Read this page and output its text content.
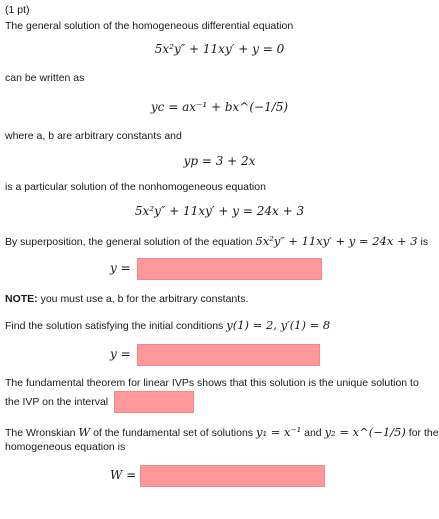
(1 pt)
The general solution of the homogeneous differential equation
5x²y″ + 11xy′ + y = 0
can be written as
yc = ax⁻¹ + bx^(−1/5)
where a, b are arbitrary constants and
yp = 3 + 2x
is a particular solution of the nonhomogeneous equation
5x²y″ + 11xy′ + y = 24x + 3
By superposition, the general solution of the equation 5x²y″ + 11xy′ + y = 24x + 3 is
y =
NOTE: you must use a, b for the arbitrary constants.
Find the solution satisfying the initial conditions y(1) = 2, y′(1) = 8
y =
The fundamental theorem for linear IVPs shows that this solution is the unique solution to
the IVP on the interval
The Wronskian W of the fundamental set of solutions y₁ = x⁻¹ and y₂ = x^(−1/5) for the
homogeneous equation is
W =
